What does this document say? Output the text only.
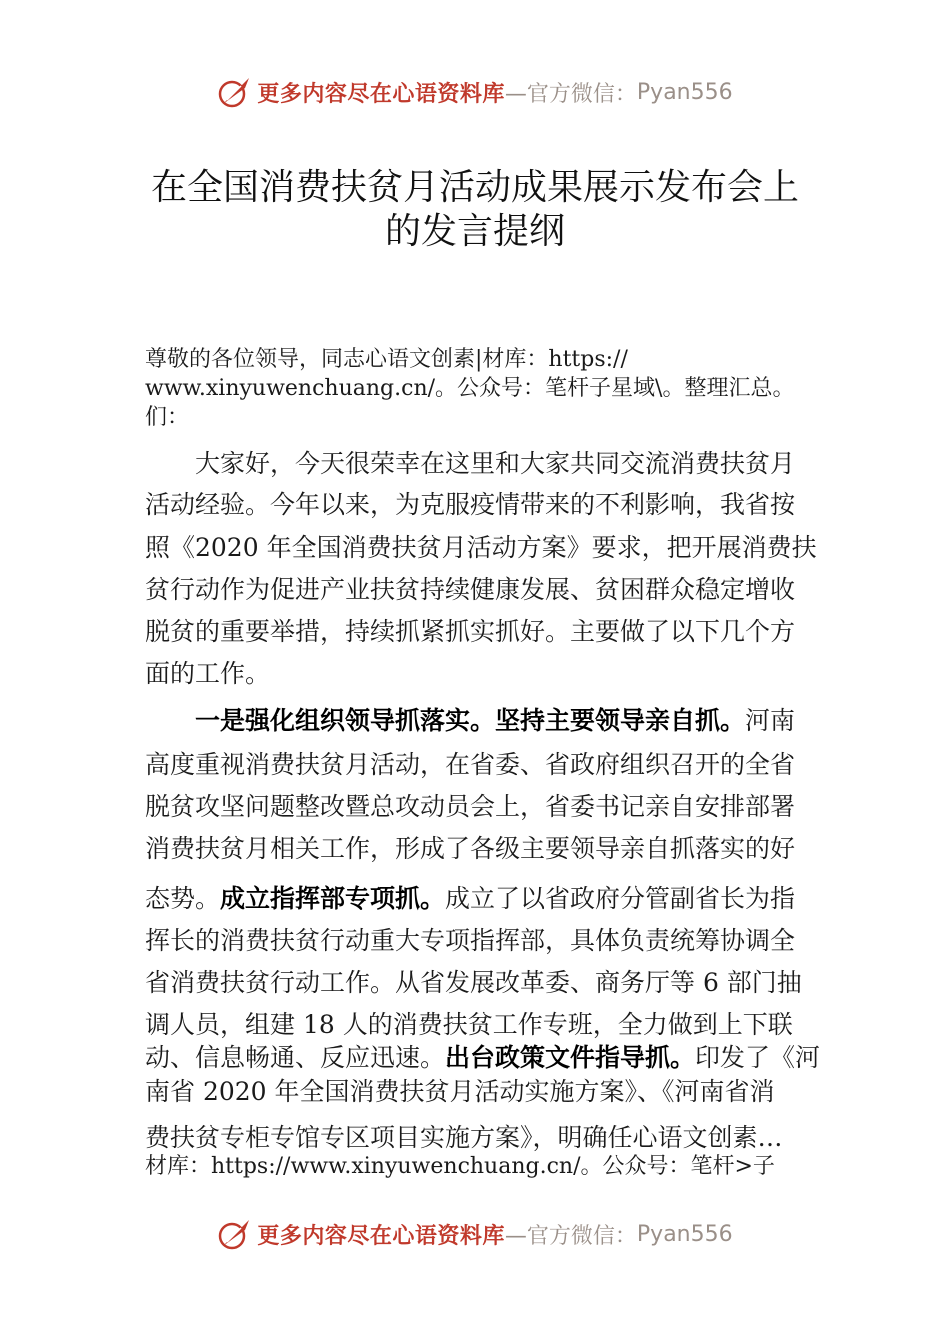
更多内容尽在心语资料库 —官方微信： Pyan556
在全国消费扶贫月活动成果展示发布会上
的发言提纲
尊敬的各位领导，同志心语文创素|材库：https://
www.xinyuwenchuang.cn/。公众号：笔杆子星域\。整理汇总。
们：
大家好，今天很荣幸在这里和大家共同交流消费扶贫月
活动经验。今年以来，为克服疫情带来的不利影响，我省按
照《2020 年全国消费扶贫月活动方案》要求，把开展消费扶
贫行动作为促进产业扶贫持续健康发展、贫困群众稳定增收
脱贫的重要举措，持续抓紧抓实抓好。主要做了以下几个方
面的工作。
一是强化组织领导抓落实。坚持主要领导亲自抓。河南
高度重视消费扶贫月活动，在省委、省政府组织召开的全省
脱贫攻坚问题整改暨总攻动员会上，省委书记亲自安排部署
消费扶贫月相关工作，形成了各级主要领导亲自抓落实的好
态势。成立指挥部专项抓。成立了以省政府分管副省长为指
挥长的消费扶贫行动重大专项指挥部，具体负责统筹协调全
省消费扶贫行动工作。从省发展改革委、商务厅等 6 部门抽
调人员，组建 18 人的消费扶贫工作专班，全力做到上下联
动、信息畅通、反应迅速。出台政策文件指导抓。印发了《河
南省 2020 年全国消费扶贫月活动实施方案》、《河南省消
费扶贫专柜专馆专区项目实施方案》，明确任心语文创素…
材库：https://www.xinyuwenchuang.cn/。公众号：笔杆>子
更多内容尽在心语资料库 —官方微信： Pyan556
